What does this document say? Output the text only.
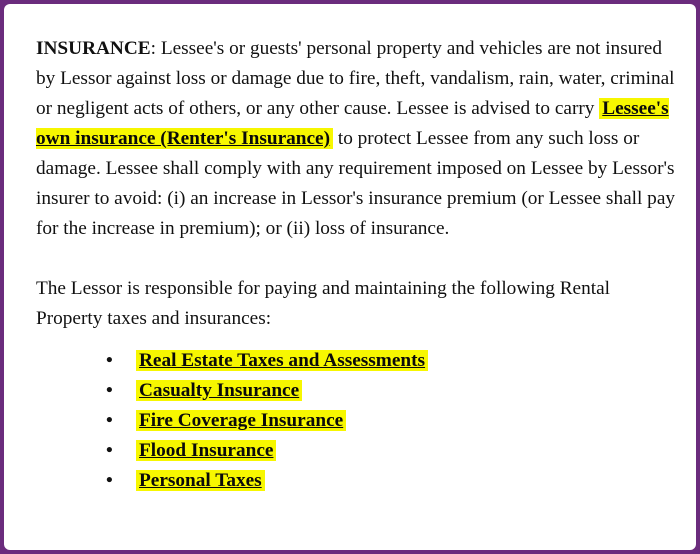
INSURANCE: Lessee's or guests' personal property and vehicles are not insured by Lessor against loss or damage due to fire, theft, vandalism, rain, water, criminal or negligent acts of others, or any other cause. Lessee is advised to carry Lessee's own insurance (Renter's Insurance) to protect Lessee from any such loss or damage. Lessee shall comply with any requirement imposed on Lessee by Lessor's insurer to avoid: (i) an increase in Lessor's insurance premium (or Lessee shall pay for the increase in premium); or (ii) loss of insurance.

The Lessor is responsible for paying and maintaining the following Rental Property taxes and insurances:

•	Real Estate Taxes and Assessments
•	Casualty Insurance
•	Fire Coverage Insurance
•	Flood Insurance
•	Personal Taxes
